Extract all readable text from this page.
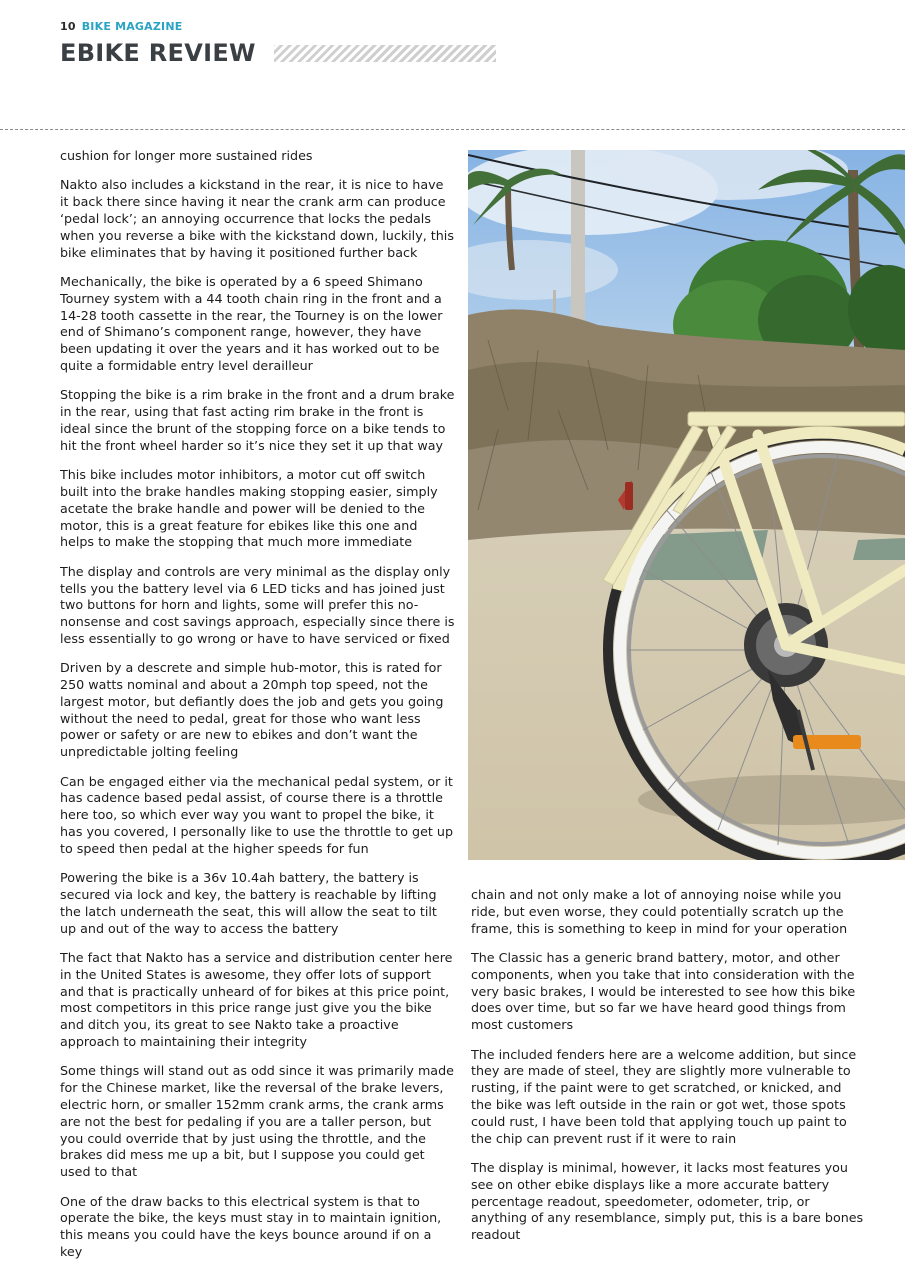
10 BIKE MAGAZINE
EBIKE REVIEW

cushion for longer more sustained rides

Nakto also includes a kickstand in the rear, it is nice to have it back there since having it near the crank arm can produce ‘pedal lock’; an annoying occurrence that locks the pedals when you reverse a bike with the kickstand down, luckily, this bike eliminates that by having it positioned further back

Mechanically, the bike is operated by a 6 speed Shimano Tourney system with a 44 tooth chain ring in the front and a 14-28 tooth cassette in the rear, the Tourney is on the lower end of Shimano’s component range, however, they have been updating it over the years and it has worked out to be quite a formidable entry level derailleur

Stopping the bike is a rim brake in the front and a drum brake in the rear, using that fast acting rim brake in the front is ideal since the brunt of the stopping force on a bike tends to hit the front wheel harder so it’s nice they set it up that way

This bike includes motor inhibitors, a motor cut off switch built into the brake handles making stopping easier, simply acetate the brake handle and power will be denied to the motor, this is a great feature for ebikes like this one and helps to make the stopping that much more immediate

The display and controls are very minimal as the display only tells you the battery level via 6 LED ticks and has joined just two buttons for horn and lights, some will prefer this no-nonsense and cost savings approach, especially since there is less essentially to go wrong or have to have serviced or fixed

Driven by a descrete and simple hub-motor, this is rated for 250 watts nominal and about a 20mph top speed, not the largest motor, but defiantly does the job and gets you going without the need to pedal, great for those who want less power or safety or are new to ebikes and don’t want the unpredictable jolting feeling

Can be engaged either via the mechanical pedal system, or it has cadence based pedal assist, of course there is a throttle here too, so which ever way you want to propel the bike, it has you covered, I personally like to use the throttle to get up to speed then pedal at the higher speeds for fun

Powering the bike is a 36v 10.4ah battery, the battery is secured via lock and key, the battery is reachable by lifting the latch underneath the seat, this will allow the seat to tilt up and out of the way to access the battery

The fact that Nakto has a service and distribution center here in the United States is awesome, they offer lots of support and that is practically unheard of for bikes at this price point, most competitors in this price range just give you the bike and ditch you, its great to see Nakto take a proactive approach to maintaining their integrity

Some things will stand out as odd since it was primarily made for the Chinese market, like the reversal of the brake levers, electric horn, or smaller 152mm crank arms, the crank arms are not the best for pedaling if you are a taller person, but you could override that by just using the throttle, and the brakes did mess me up a bit, but I suppose you could get used to that

One of the draw backs to this electrical system is that to operate the bike, the keys must stay in to maintain ignition, this means you could have the keys bounce around if on a key

chain and not only make a lot of annoying noise while you ride, but even worse, they could potentially scratch up the frame, this is something to keep in mind for your operation

The Classic has a generic brand battery, motor, and other components, when you take that into consideration with the very basic brakes, I would be interested to see how this bike does over time, but so far we have heard good things from most customers

The included fenders here are a welcome addition, but since they are made of steel, they are slightly more vulnerable to rusting, if the paint were to get scratched, or knicked, and the bike was left outside in the rain or got wet, those spots could rust, I have been told that applying touch up paint to the chip can prevent rust if it were to rain

The display is minimal, however, it lacks most features you see on other ebike displays like a more accurate battery percentage readout, speedometer, odometer, trip, or anything of any resemblance, simply put, this is a bare bones readout
